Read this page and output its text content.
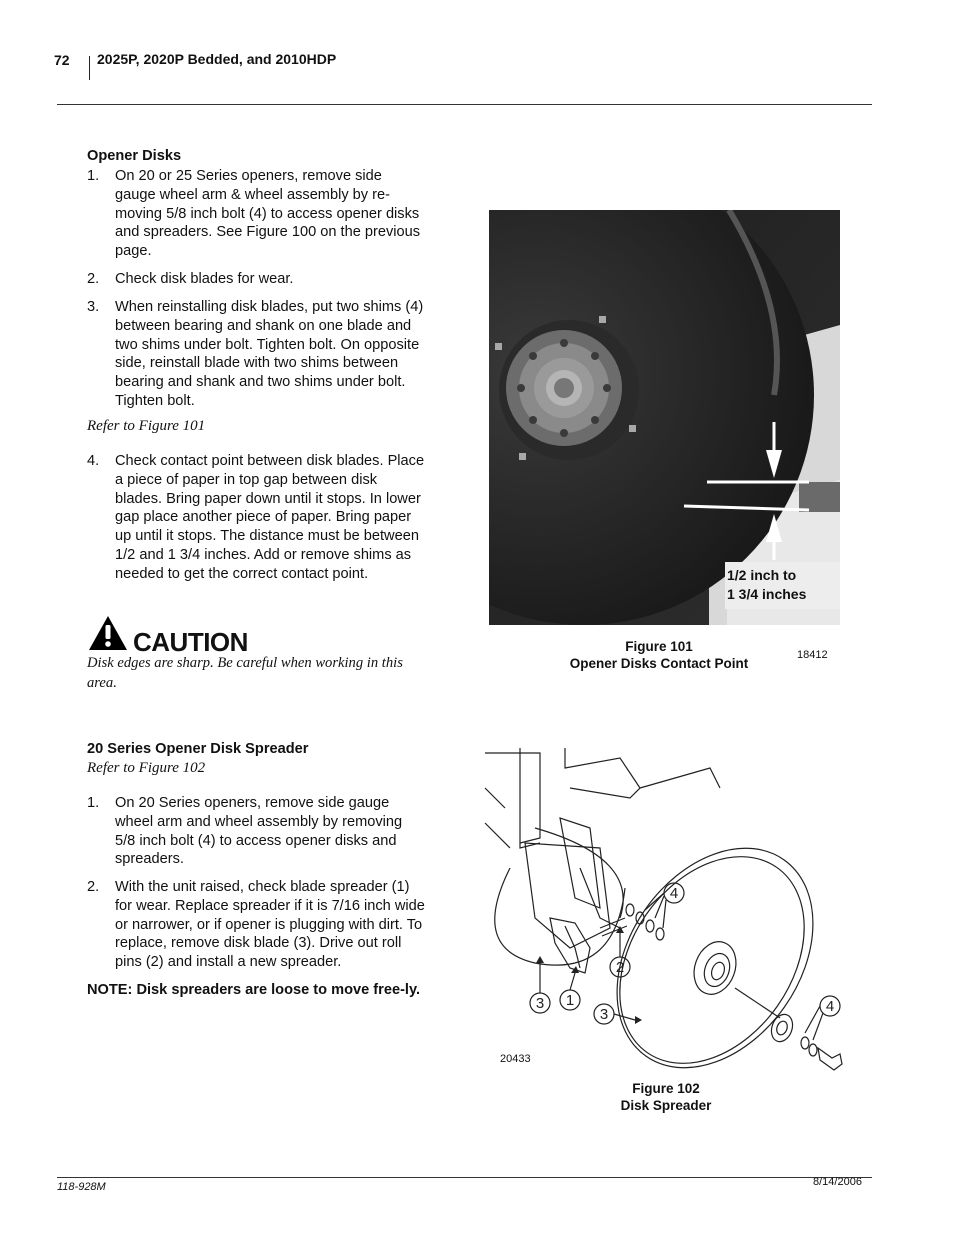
72 2025P, 2020P Bedded, and 2010HDP
Opener Disks
1. On 20 or 25 Series openers, remove side gauge wheel arm & wheel assembly by re-moving 5/8 inch bolt (4) to access opener disks and spreaders. See Figure 100 on the previous page.
2. Check disk blades for wear.
3. When reinstalling disk blades, put two shims (4) between bearing and shank on one blade and two shims under bolt. Tighten bolt. On opposite side, reinstall blade with two shims between bearing and shank and two shims under bolt. Tighten bolt.
Refer to Figure 101
4. Check contact point between disk blades. Place a piece of paper in top gap between disk blades. Bring paper down until it stops. In lower gap place another piece of paper. Bring paper up until it stops. The distance must be between 1/2 and 1 3/4 inches. Add or remove shims as needed to get the correct contact point.
CAUTION
Disk edges are sharp. Be careful when working in this area.
1/2 inch to
1 3/4 inches
Figure 101
Opener Disks Contact Point
18412
20 Series Opener Disk Spreader
Refer to Figure 102
1. On 20 Series openers, remove side gauge wheel arm and wheel assembly by removing 5/8 inch bolt (4) to access opener disks and spreaders.
2. With the unit raised, check blade spreader (1) for wear. Replace spreader if it is 7/16 inch wide or narrower, or if opener is plugging with dirt. To replace, remove disk blade (3). Drive out roll pins (2) and install a new spreader.
NOTE: Disk spreaders are loose to move free-ly.
1
2
3
3
4
4
20433
Figure 102
Disk Spreader
118-928M	8/14/2006
